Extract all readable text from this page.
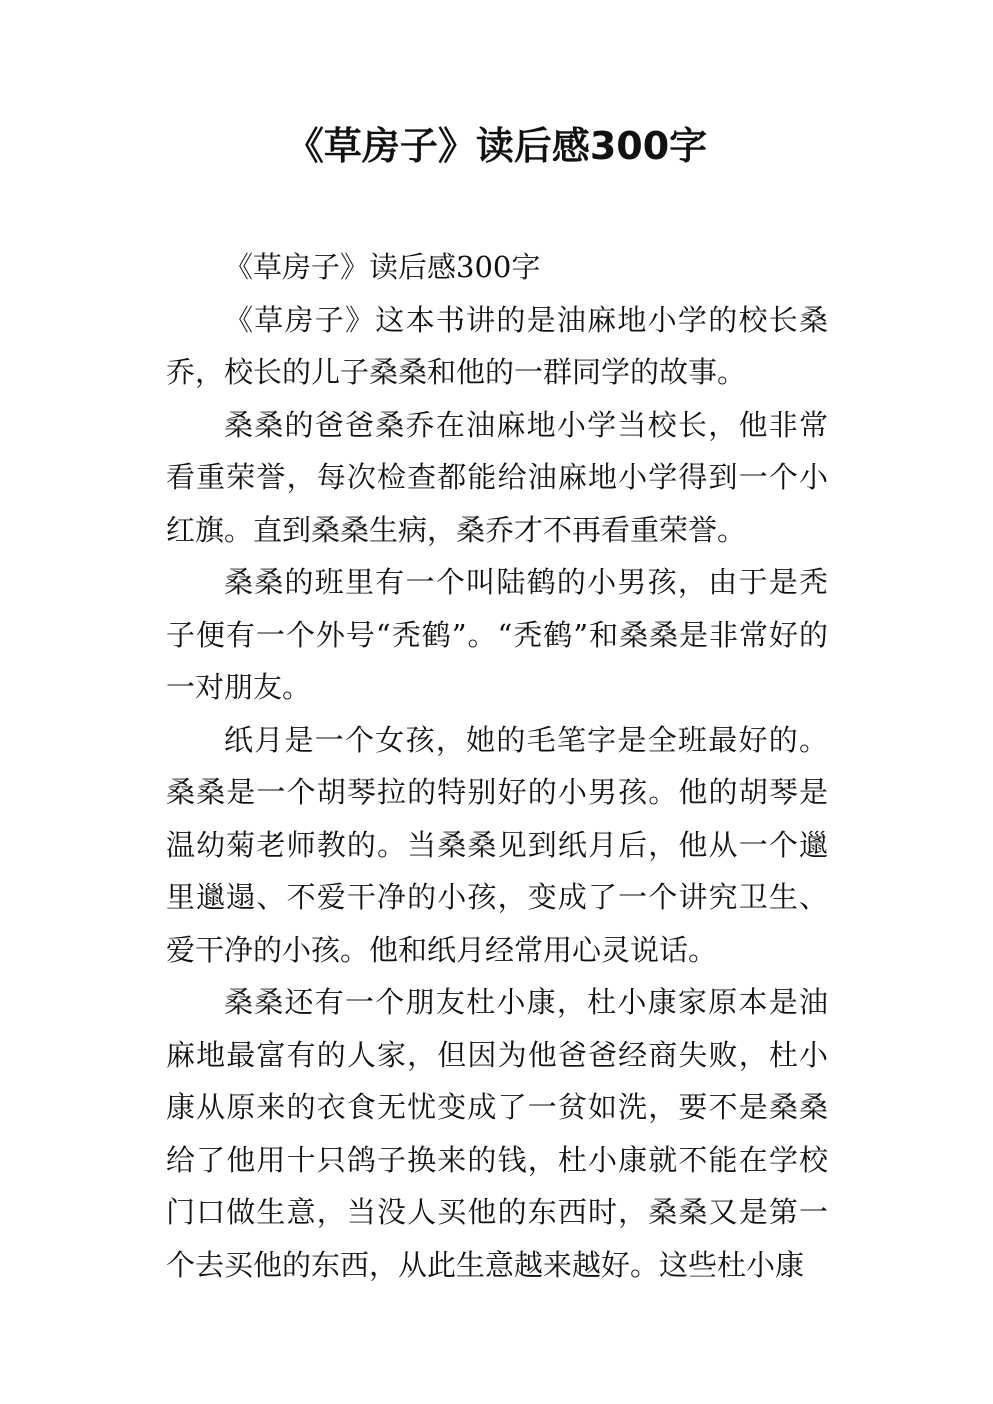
《草房子》读后感300字

《草房子》读后感300字

《草房子》这本书讲的是油麻地小学的校长桑乔，校长的儿子桑桑和他的一群同学的故事。

桑桑的爸爸桑乔在油麻地小学当校长，他非常看重荣誉，每次检查都能给油麻地小学得到一个小红旗。直到桑桑生病，桑乔才不再看重荣誉。

桑桑的班里有一个叫陆鹤的小男孩，由于是秃子便有一个外号“秃鹤”。“秃鹤”和桑桑是非常好的一对朋友。

纸月是一个女孩，她的毛笔字是全班最好的。桑桑是一个胡琴拉的特别好的小男孩。他的胡琴是温幼菊老师教的。当桑桑见到纸月后，他从一个邋里邋遢、不爱干净的小孩，变成了一个讲究卫生、爱干净的小孩。他和纸月经常用心灵说话。

桑桑还有一个朋友杜小康，杜小康家原本是油麻地最富有的人家，但因为他爸爸经商失败，杜小康从原来的衣食无忧变成了一贫如洗，要不是桑桑给了他用十只鸽子换来的钱，杜小康就不能在学校门口做生意，当没人买他的东西时，桑桑又是第一个去买他的东西，从此生意越来越好。这些杜小康
